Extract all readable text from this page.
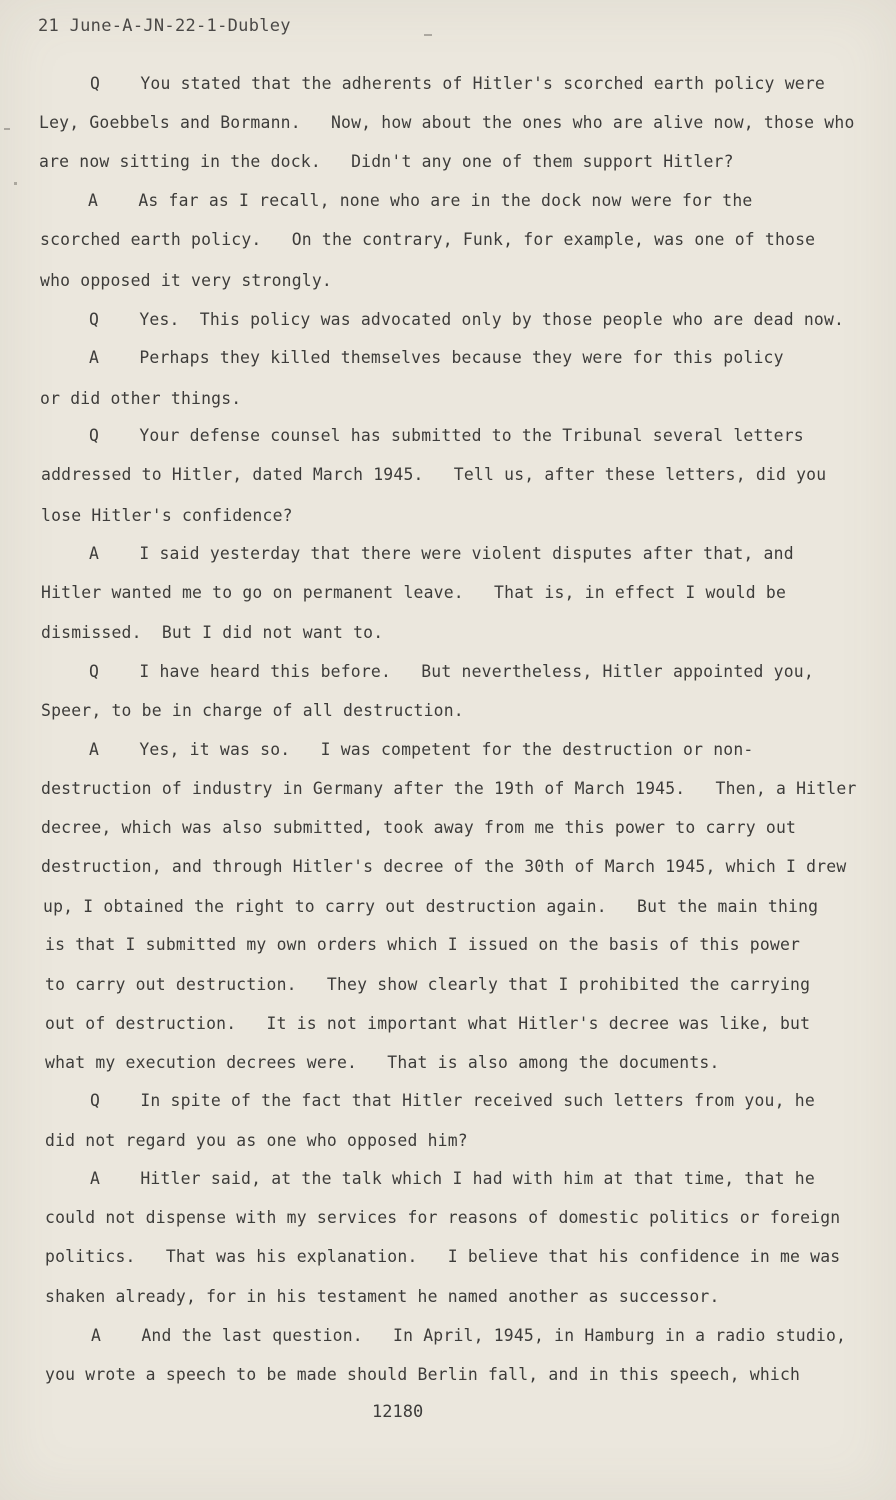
21 June-A-JN-22-1-Dubley
Q    You stated that the adherents of Hitler's scorched earth policy were
Ley, Goebbels and Bormann.   Now, how about the ones who are alive now, those who
are now sitting in the dock.   Didn't any one of them support Hitler?
A    As far as I recall, none who are in the dock now were for the
scorched earth policy.   On the contrary, Funk, for example, was one of those
who opposed it very strongly.
Q    Yes.  This policy was advocated only by those people who are dead now.
A    Perhaps they killed themselves because they were for this policy
or did other things.
Q    Your defense counsel has submitted to the Tribunal several letters
addressed to Hitler, dated March 1945.   Tell us, after these letters, did you
lose Hitler's confidence?
A    I said yesterday that there were violent disputes after that, and
Hitler wanted me to go on permanent leave.   That is, in effect I would be
dismissed.  But I did not want to.
Q    I have heard this before.   But nevertheless, Hitler appointed you,
Speer, to be in charge of all destruction.
A    Yes, it was so.   I was competent for the destruction or non-
destruction of industry in Germany after the 19th of March 1945.   Then, a Hitler
decree, which was also submitted, took away from me this power to carry out
destruction, and through Hitler's decree of the 30th of March 1945, which I drew
up, I obtained the right to carry out destruction again.   But the main thing
is that I submitted my own orders which I issued on the basis of this power
to carry out destruction.   They show clearly that I prohibited the carrying
out of destruction.   It is not important what Hitler's decree was like, but
what my execution decrees were.   That is also among the documents.
Q    In spite of the fact that Hitler received such letters from you, he
did not regard you as one who opposed him?
A    Hitler said, at the talk which I had with him at that time, that he
could not dispense with my services for reasons of domestic politics or foreign
politics.   That was his explanation.   I believe that his confidence in me was
shaken already, for in his testament he named another as successor.
A    And the last question.   In April, 1945, in Hamburg in a radio studio,
you wrote a speech to be made should Berlin fall, and in this speech, which
12180
